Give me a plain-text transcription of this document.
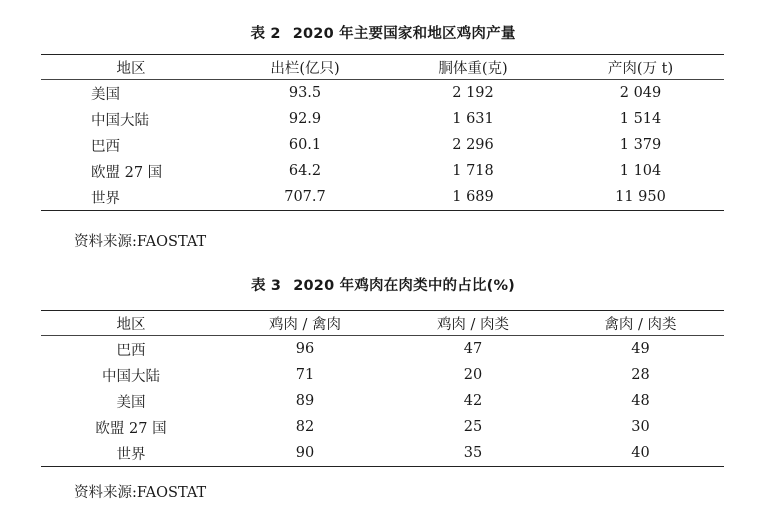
表 2 2020 年主要国家和地区鸡肉产量
地区	出栏(亿只)	胴体重(克)	产肉(万 t)
美国	93.5	2 192	2 049
中国大陆	92.9	1 631	1 514
巴西	60.1	2 296	1 379
欧盟 27 国	64.2	1 718	1 104
世界	707.7	1 689	11 950
资料来源:FAOSTAT
表 3 2020 年鸡肉在肉类中的占比(%)
地区	鸡肉 / 禽肉	鸡肉 / 肉类	禽肉 / 肉类
巴西	96	47	49
中国大陆	71	20	28
美国	89	42	48
欧盟 27 国	82	25	30
世界	90	35	40
资料来源:FAOSTAT
